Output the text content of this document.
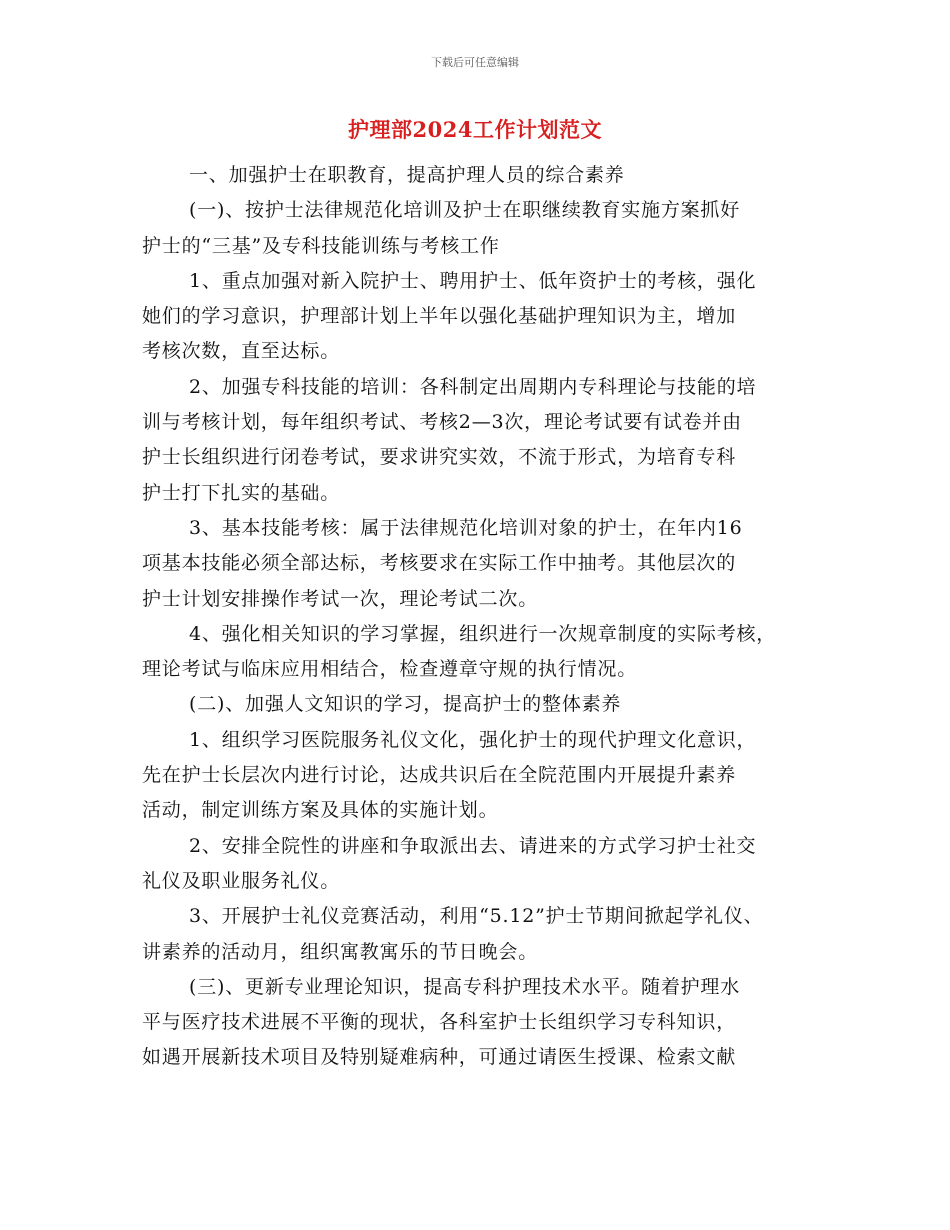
下载后可任意编辑
护理部2024工作计划范文
一、加强护士在职教育，提高护理人员的综合素养
(一)、按护士法律规范化培训及护士在职继续教育实施方案抓好
护士的“三基”及专科技能训练与考核工作
1、重点加强对新入院护士、聘用护士、低年资护士的考核，强化
她们的学习意识，护理部计划上半年以强化基础护理知识为主，增加
考核次数，直至达标。
2、加强专科技能的培训：各科制定出周期内专科理论与技能的培
训与考核计划，每年组织考试、考核2—3次，理论考试要有试卷并由
护士长组织进行闭卷考试，要求讲究实效，不流于形式，为培育专科
护士打下扎实的基础。
3、基本技能考核：属于法律规范化培训对象的护士，在年内16
项基本技能必须全部达标，考核要求在实际工作中抽考。其他层次的
护士计划安排操作考试一次，理论考试二次。
4、强化相关知识的学习掌握，组织进行一次规章制度的实际考核，
理论考试与临床应用相结合，检查遵章守规的执行情况。
(二)、加强人文知识的学习，提高护士的整体素养
1、组织学习医院服务礼仪文化，强化护士的现代护理文化意识，
先在护士长层次内进行讨论，达成共识后在全院范围内开展提升素养
活动，制定训练方案及具体的实施计划。
2、安排全院性的讲座和争取派出去、请进来的方式学习护士社交
礼仪及职业服务礼仪。
3、开展护士礼仪竞赛活动，利用“5.12”护士节期间掀起学礼仪、
讲素养的活动月，组织寓教寓乐的节日晚会。
(三)、更新专业理论知识，提高专科护理技术水平。随着护理水
平与医疗技术进展不平衡的现状，各科室护士长组织学习专科知识，
如遇开展新技术项目及特别疑难病种，可通过请医生授课、检索文献
